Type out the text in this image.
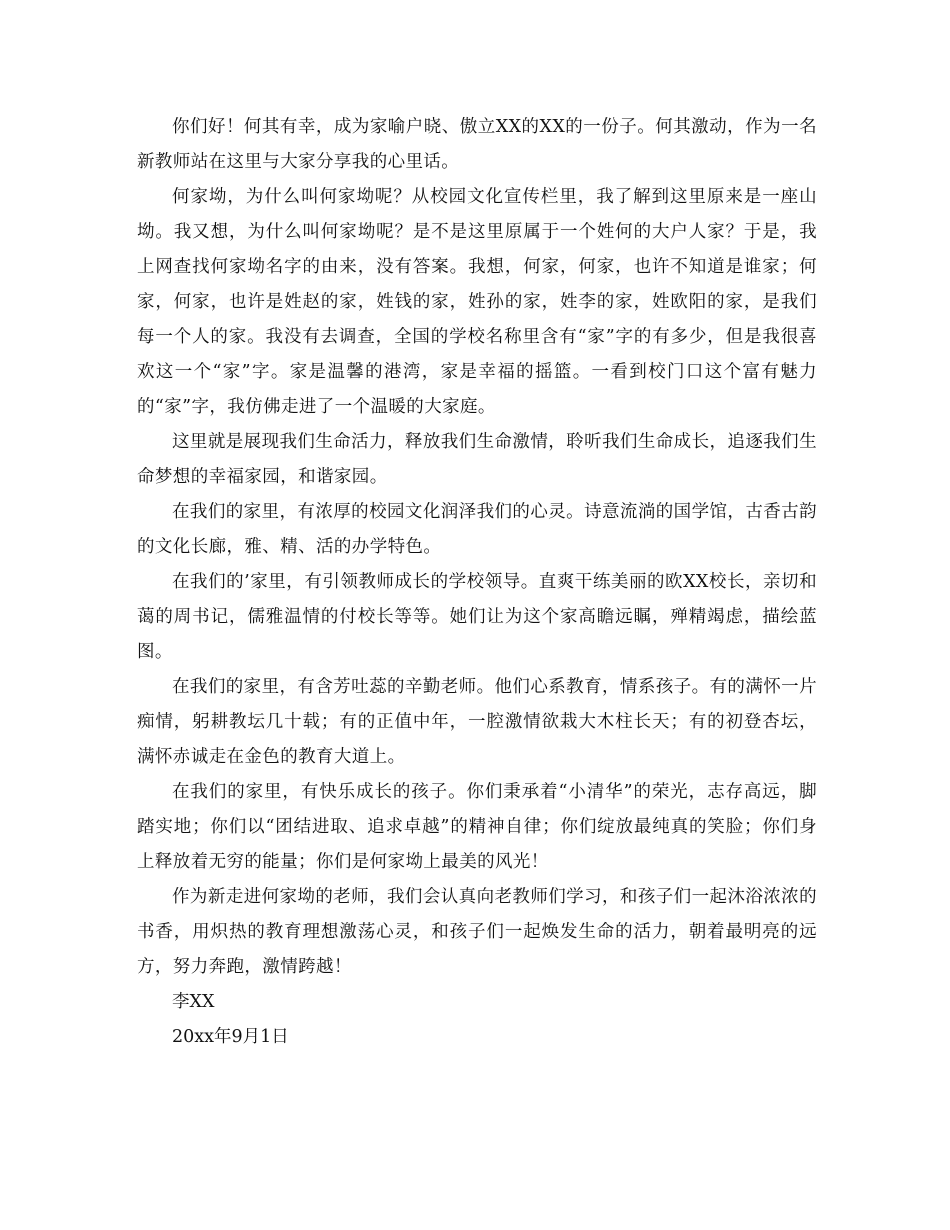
你们好！何其有幸，成为家喻户晓、傲立XX的XX的一份子。何其激动，作为一名新教师站在这里与大家分享我的心里话。

何家坳，为什么叫何家坳呢？从校园文化宣传栏里，我了解到这里原来是一座山坳。我又想，为什么叫何家坳呢？是不是这里原属于一个姓何的大户人家？于是，我上网查找何家坳名字的由来，没有答案。我想，何家，何家，也许不知道是谁家；何家，何家，也许是姓赵的家，姓钱的家，姓孙的家，姓李的家，姓欧阳的家，是我们每一个人的家。我没有去调查，全国的学校名称里含有“家”字的有多少，但是我很喜欢这一个“家”字。家是温馨的港湾，家是幸福的摇篮。一看到校门口这个富有魅力的“家”字，我仿佛走进了一个温暖的大家庭。

这里就是展现我们生命活力，释放我们生命激情，聆听我们生命成长，追逐我们生命梦想的幸福家园，和谐家园。

在我们的家里，有浓厚的校园文化润泽我们的心灵。诗意流淌的国学馆，古香古韵的文化长廊，雅、精、活的办学特色。

在我们的’家里，有引领教师成长的学校领导。直爽干练美丽的欧XX校长，亲切和蔼的周书记，儒雅温情的付校长等等。她们让为这个家高瞻远瞩，殚精竭虑，描绘蓝图。

在我们的家里，有含芳吐蕊的辛勤老师。他们心系教育，情系孩子。有的满怀一片痴情，躬耕教坛几十载；有的正值中年，一腔激情欲栽大木柱长天；有的初登杏坛，满怀赤诚走在金色的教育大道上。

在我们的家里，有快乐成长的孩子。你们秉承着“小清华”的荣光，志存高远，脚踏实地；你们以“团结进取、追求卓越”的精神自律；你们绽放最纯真的笑脸；你们身上释放着无穷的能量；你们是何家坳上最美的风光！

作为新走进何家坳的老师，我们会认真向老教师们学习，和孩子们一起沐浴浓浓的书香，用炽热的教育理想激荡心灵，和孩子们一起焕发生命的活力，朝着最明亮的远方，努力奔跑，激情跨越！

李XX

20xx年9月1日
